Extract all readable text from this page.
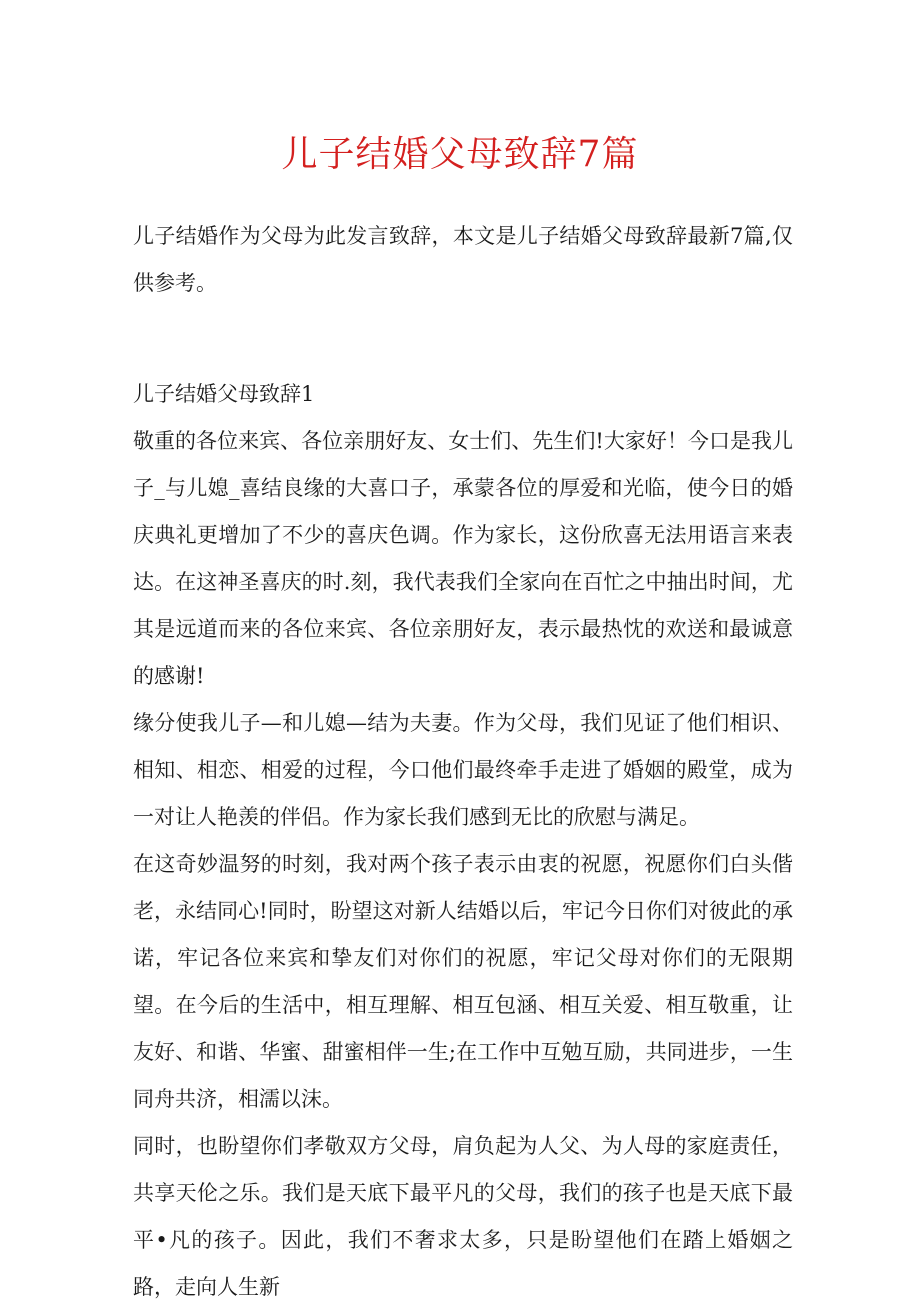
儿子结婚父母致辞7篇

儿子结婚作为父母为此发言致辞，本文是儿子结婚父母致辞最新7篇,仅供参考。

儿子结婚父母致辞1

敬重的各位来宾、各位亲朋好友、女士们、先生们!大家好！今口是我儿子_与儿媳_喜结良缘的大喜口子，承蒙各位的厚爱和光临，使今日的婚庆典礼更增加了不少的喜庆色调。作为家长，这份欣喜无法用语言来表达。在这神圣喜庆的时.刻，我代表我们全家向在百忙之中抽出时间，尤其是远道而来的各位来宾、各位亲朋好友，表示最热忱的欢送和最诚意的感谢!

缘分使我儿子—和儿媳—结为夫妻。作为父母，我们见证了他们相识、相知、相恋、相爱的过程，今口他们最终牵手走进了婚姻的殿堂，成为一对让人艳羡的伴侣。作为家长我们感到无比的欣慰与满足。

在这奇妙温努的时刻，我对两个孩子表示由衷的祝愿，祝愿你们白头偕老，永结同心!同时，盼望这对新人结婚以后，牢记今日你们对彼此的承诺，牢记各位来宾和挚友们对你们的祝愿，牢记父母对你们的无限期望。在今后的生活中，相互理解、相互包涵、相互关爱、相互敬重，让友好、和谐、华蜜、甜蜜相伴一生;在工作中互勉互励，共同进步，一生同舟共济，相濡以沫。

同时，也盼望你们孝敬双方父母，肩负起为人父、为人母的家庭责任，共享天伦之乐。我们是天底下最平凡的父母，我们的孩子也是天底下最平•凡的孩子。因此，我们不奢求太多，只是盼望他们在踏上婚姻之路，走向人生新
